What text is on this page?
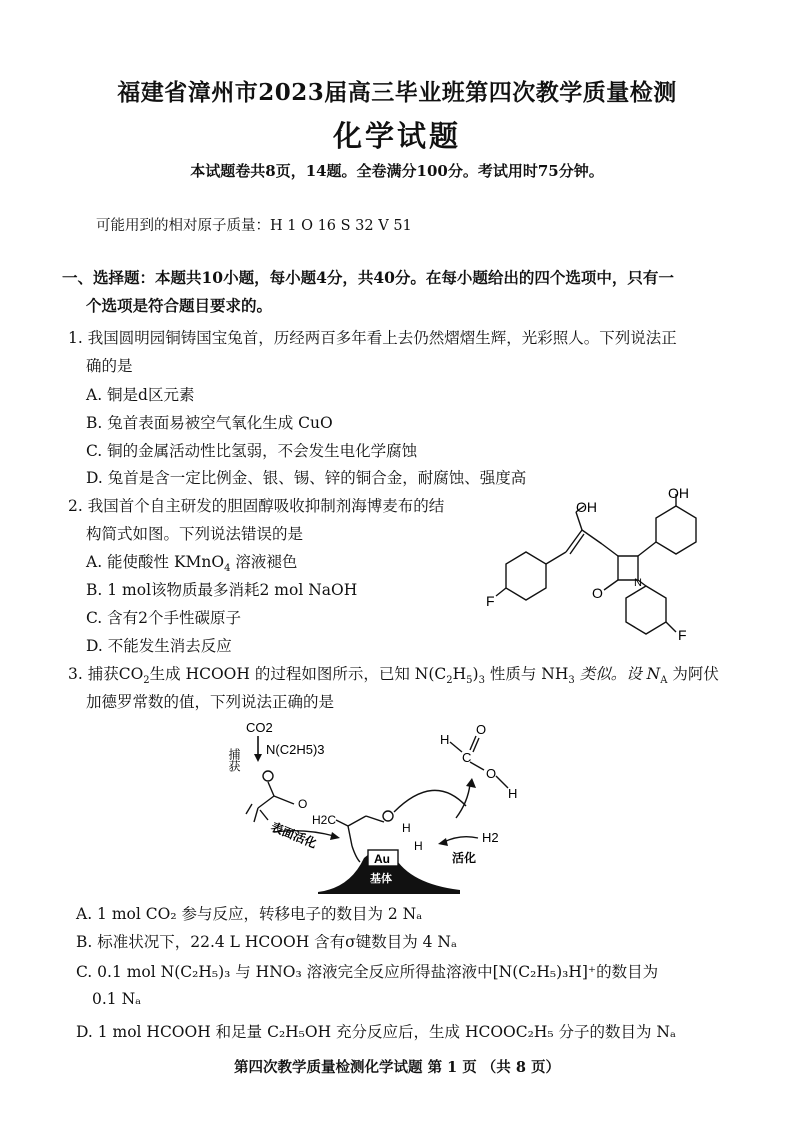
福建省漳州市2023届高三毕业班第四次教学质量检测
化学试题
本试题卷共8页，14题。全卷满分100分。考试用时75分钟。
可能用到的相对原子质量：H 1 O 16 S 32 V 51
一、选择题：本题共10小题，每小题4分，共40分。在每小题给出的四个选项中，只有一
个选项是符合题目要求的。
1. 我国圆明园铜铸国宝兔首，历经两百多年看上去仍然熠熠生辉，光彩照人。下列说法正
确的是
A. 铜是d区元素
B. 兔首表面易被空气氧化生成 CuO
C. 铜的金属活动性比氢弱，不会发生电化学腐蚀
D. 兔首是含一定比例金、银、锡、锌的铜合金，耐腐蚀、强度高
2. 我国首个自主研发的胆固醇吸收抑制剂海博麦布的结
构简式如图。下列说法错误的是
A. 能使酸性 KMnO$_4$ 溶液褪色
B. 1 mol该物质最多消耗2 mol NaOH
C. 含有2个手性碳原子
D. 不能发生消去反应
OH
OH
F
F
O
N
3. 捕获$CO_2$生成 HCOOH 的过程如图所示，已知 $N(C_2H_5)_3$ 性质与 $NH_3$ 类似。设 $N_A$ 为阿伏
加德罗常数的值，下列说法正确的是
CO2
捕获 N(C2H5)3
O
表面活化
H2C
H
H
H
C
O
O
H
H2
活化
Au
基体
A. 1 mol CO₂ 参与反应，转移电子的数目为 2 Nₐ
B. 标准状况下，22.4 L HCOOH 含有σ键数目为 4 Nₐ
C. 0.1 mol N(C₂H₅)₃ 与 HNO₃ 溶液完全反应所得盐溶液中[N(C₂H₅)₃H]⁺的数目为
0.1 Nₐ
D. 1 mol HCOOH 和足量 C₂H₅OH 充分反应后，生成 HCOOC₂H₅ 分子的数目为 Nₐ
第四次教学质量检测化学试题 第 1 页 （共 8 页）
